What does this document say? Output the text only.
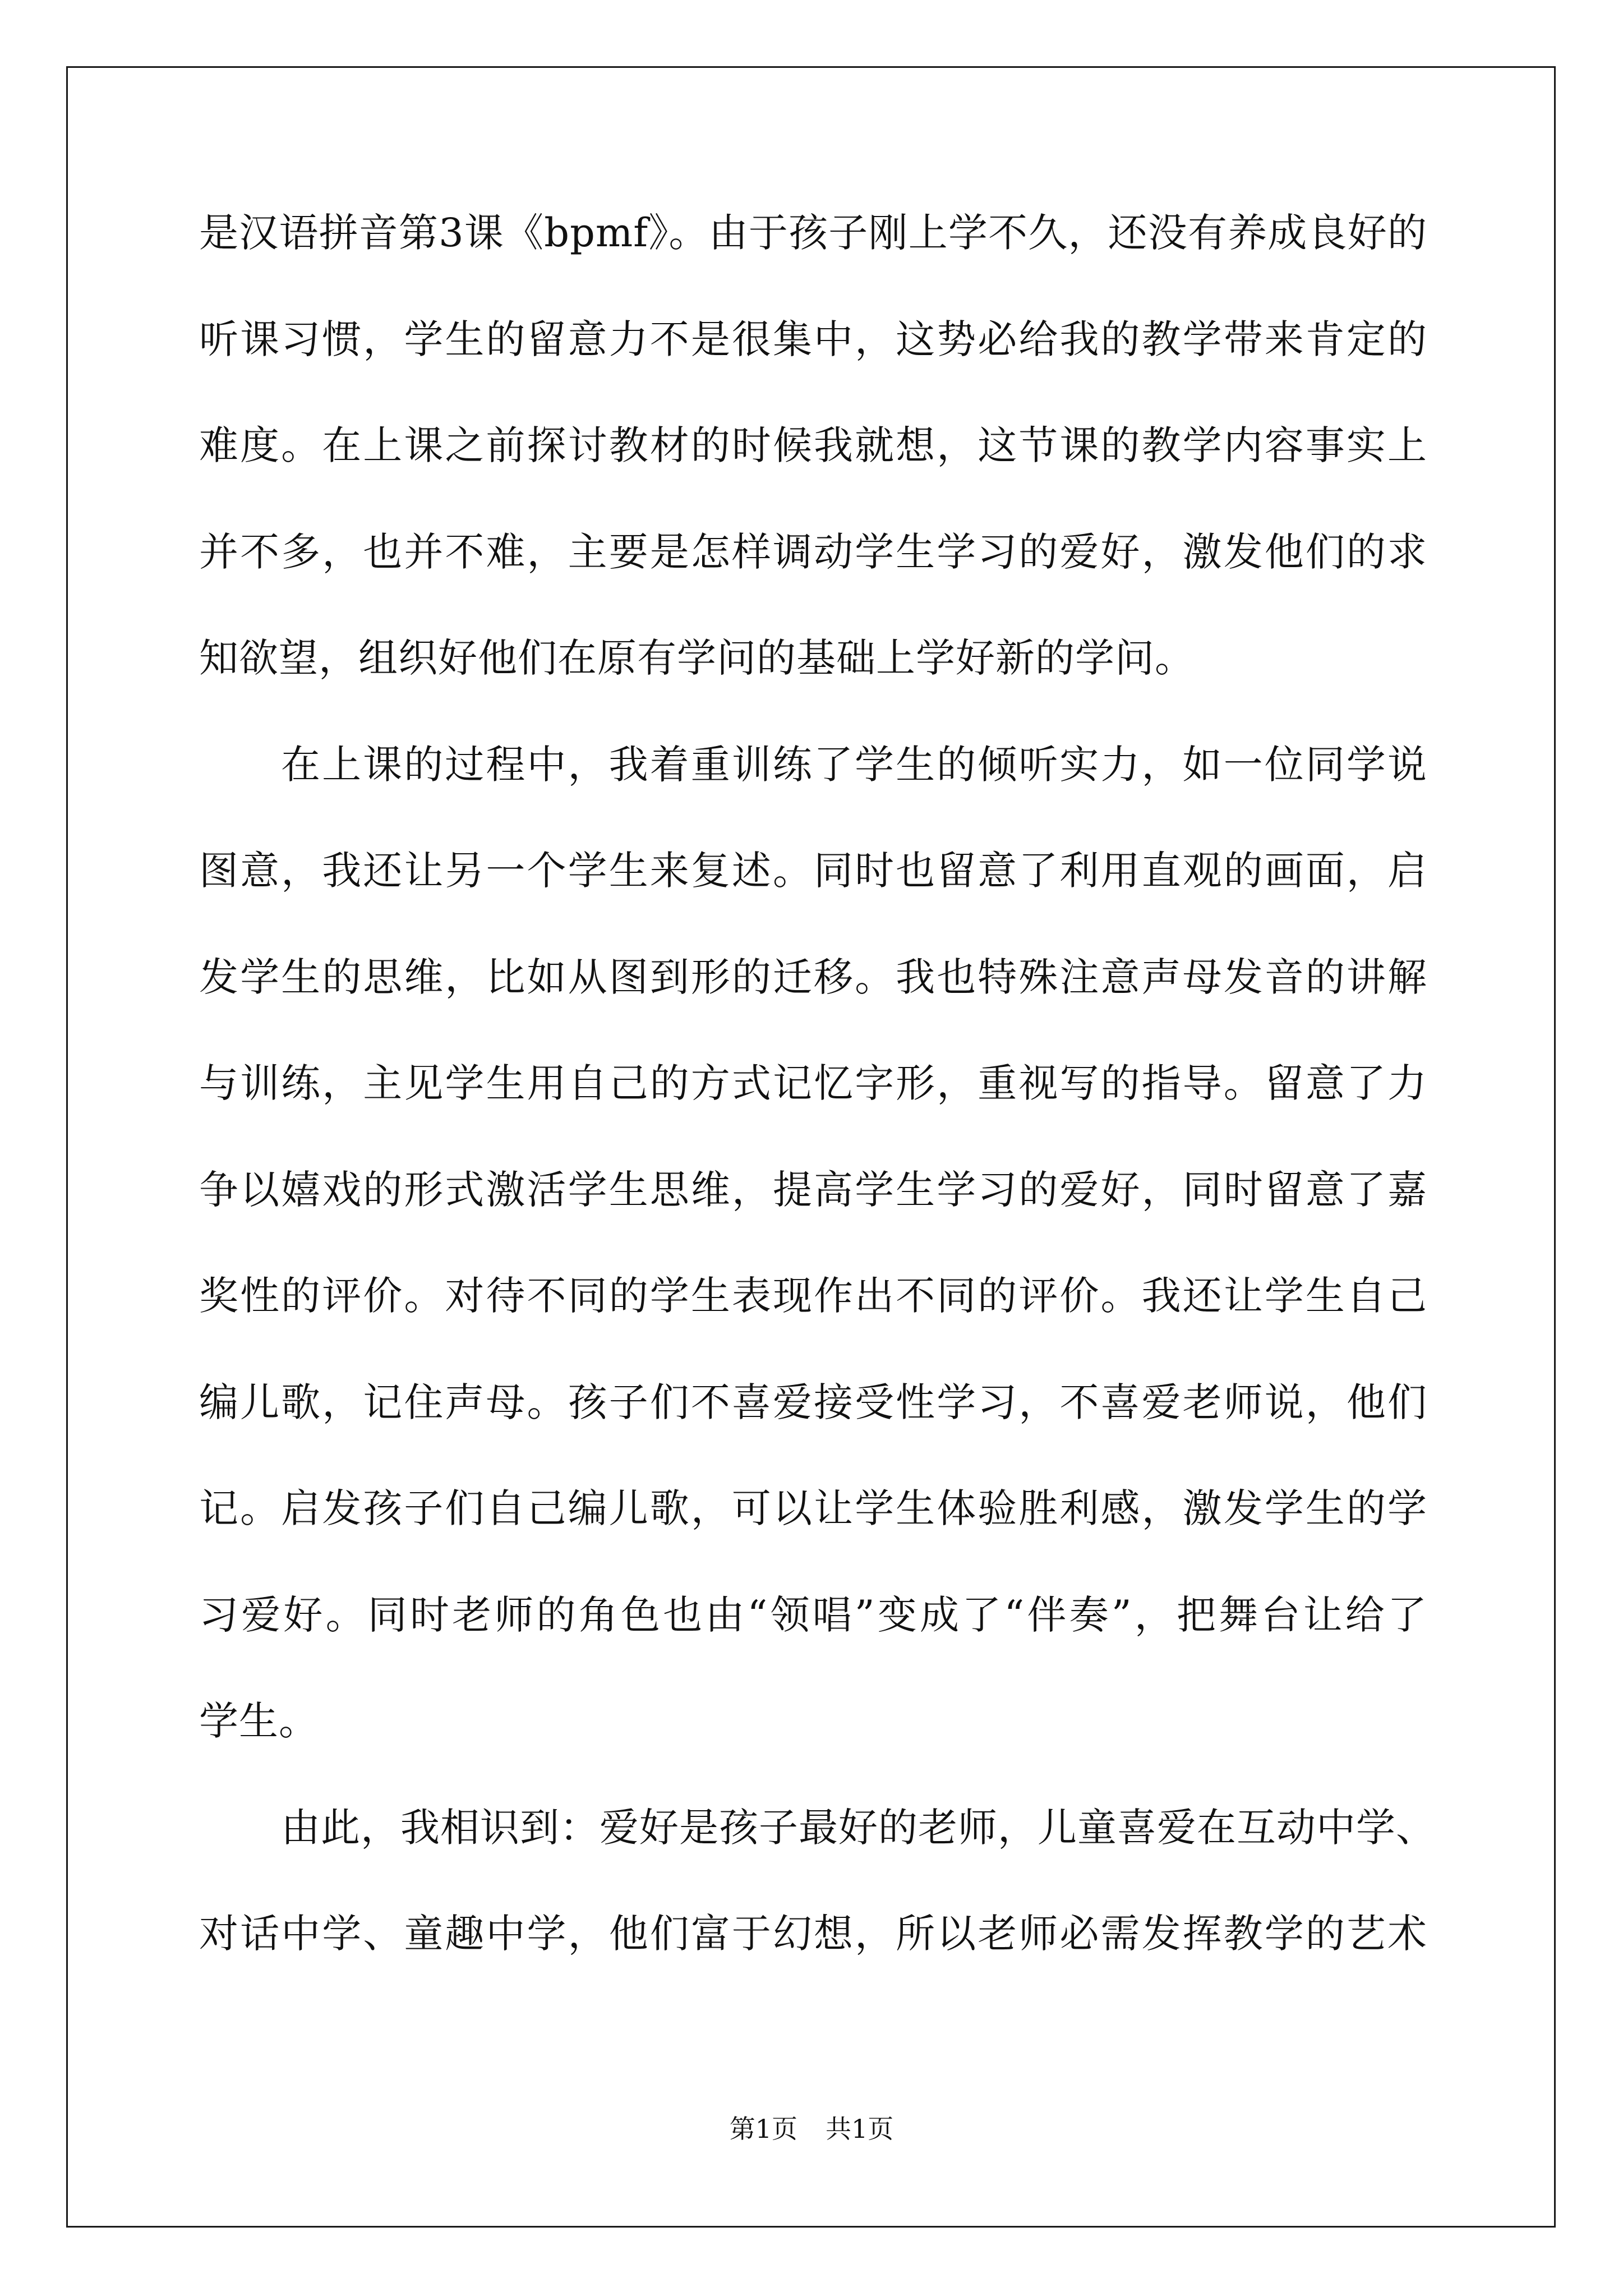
是汉语拼音第3课《bpmf》。由于孩子刚上学不久，还没有养成良好的
听课习惯，学生的留意力不是很集中，这势必给我的教学带来肯定的
难度。在上课之前探讨教材的时候我就想，这节课的教学内容事实上
并不多，也并不难，主要是怎样调动学生学习的爱好，激发他们的求
知欲望，组织好他们在原有学问的基础上学好新的学问。
在上课的过程中，我着重训练了学生的倾听实力，如一位同学说
图意，我还让另一个学生来复述。同时也留意了利用直观的画面，启
发学生的思维，比如从图到形的迁移。我也特殊注意声母发音的讲解
与训练，主见学生用自己的方式记忆字形，重视写的指导。留意了力
争以嬉戏的形式激活学生思维，提高学生学习的爱好，同时留意了嘉
奖性的评价。对待不同的学生表现作出不同的评价。我还让学生自己
编儿歌，记住声母。孩子们不喜爱接受性学习，不喜爱老师说，他们
记。启发孩子们自己编儿歌，可以让学生体验胜利感，激发学生的学
习爱好。同时老师的角色也由“领唱”变成了“伴奏”，把舞台让给了
学生。
由此，我相识到：爱好是孩子最好的老师，儿童喜爱在互动中学、
对话中学、童趣中学，他们富于幻想，所以老师必需发挥教学的艺术
第1页 共1页
